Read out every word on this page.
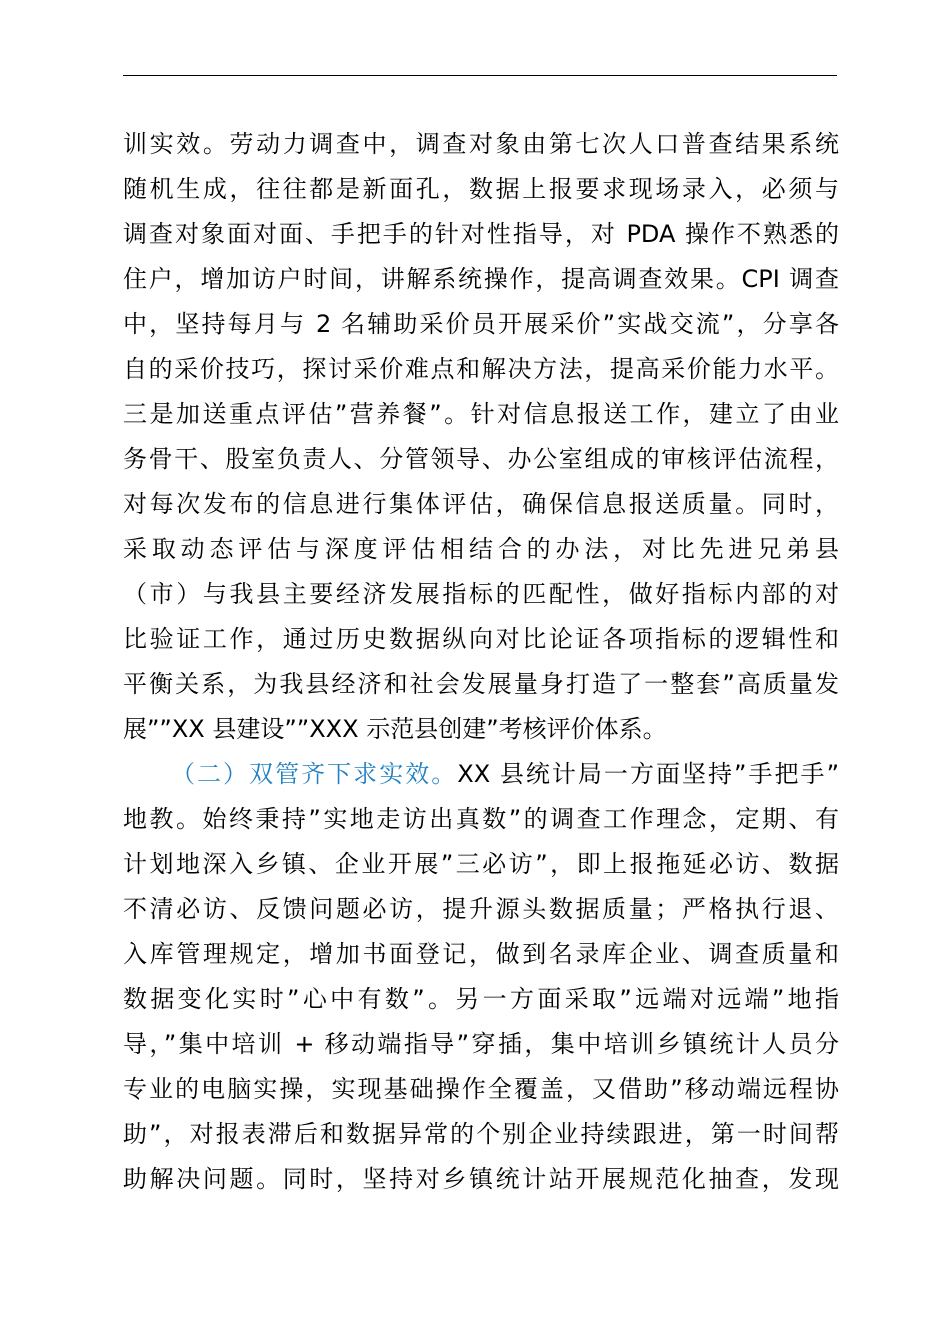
训实效。劳动力调查中，调查对象由第七次人口普查结果系统
随机生成，往往都是新面孔，数据上报要求现场录入，必须与
调查对象面对面、手把手的针对性指导，对 PDA 操作不熟悉的
住户，增加访户时间，讲解系统操作，提高调查效果。CPI 调查
中，坚持每月与 2 名辅助采价员开展采价”实战交流”，分享各
自的采价技巧，探讨采价难点和解决方法，提高采价能力水平。
三是加送重点评估”营养餐”。针对信息报送工作，建立了由业
务骨干、股室负责人、分管领导、办公室组成的审核评估流程，
对每次发布的信息进行集体评估，确保信息报送质量。同时，
采取动态评估与深度评估相结合的办法，对比先进兄弟县
（市）与我县主要经济发展指标的匹配性，做好指标内部的对
比验证工作，通过历史数据纵向对比论证各项指标的逻辑性和
平衡关系，为我县经济和社会发展量身打造了一整套”高质量发
展””XX 县建设””XXX 示范县创建”考核评价体系。
（二）双管齐下求实效。XX 县统计局一方面坚持”手把手”
地教。始终秉持”实地走访出真数”的调查工作理念，定期、有
计划地深入乡镇、企业开展”三必访”，即上报拖延必访、数据
不清必访、反馈问题必访，提升源头数据质量；严格执行退、
入库管理规定，增加书面登记，做到名录库企业、调查质量和
数据变化实时”心中有数”。另一方面采取”远端对远端”地指
导，”集中培训 + 移动端指导”穿插，集中培训乡镇统计人员分
专业的电脑实操，实现基础操作全覆盖，又借助”移动端远程协
助”，对报表滞后和数据异常的个别企业持续跟进，第一时间帮
助解决问题。同时，坚持对乡镇统计站开展规范化抽查，发现
